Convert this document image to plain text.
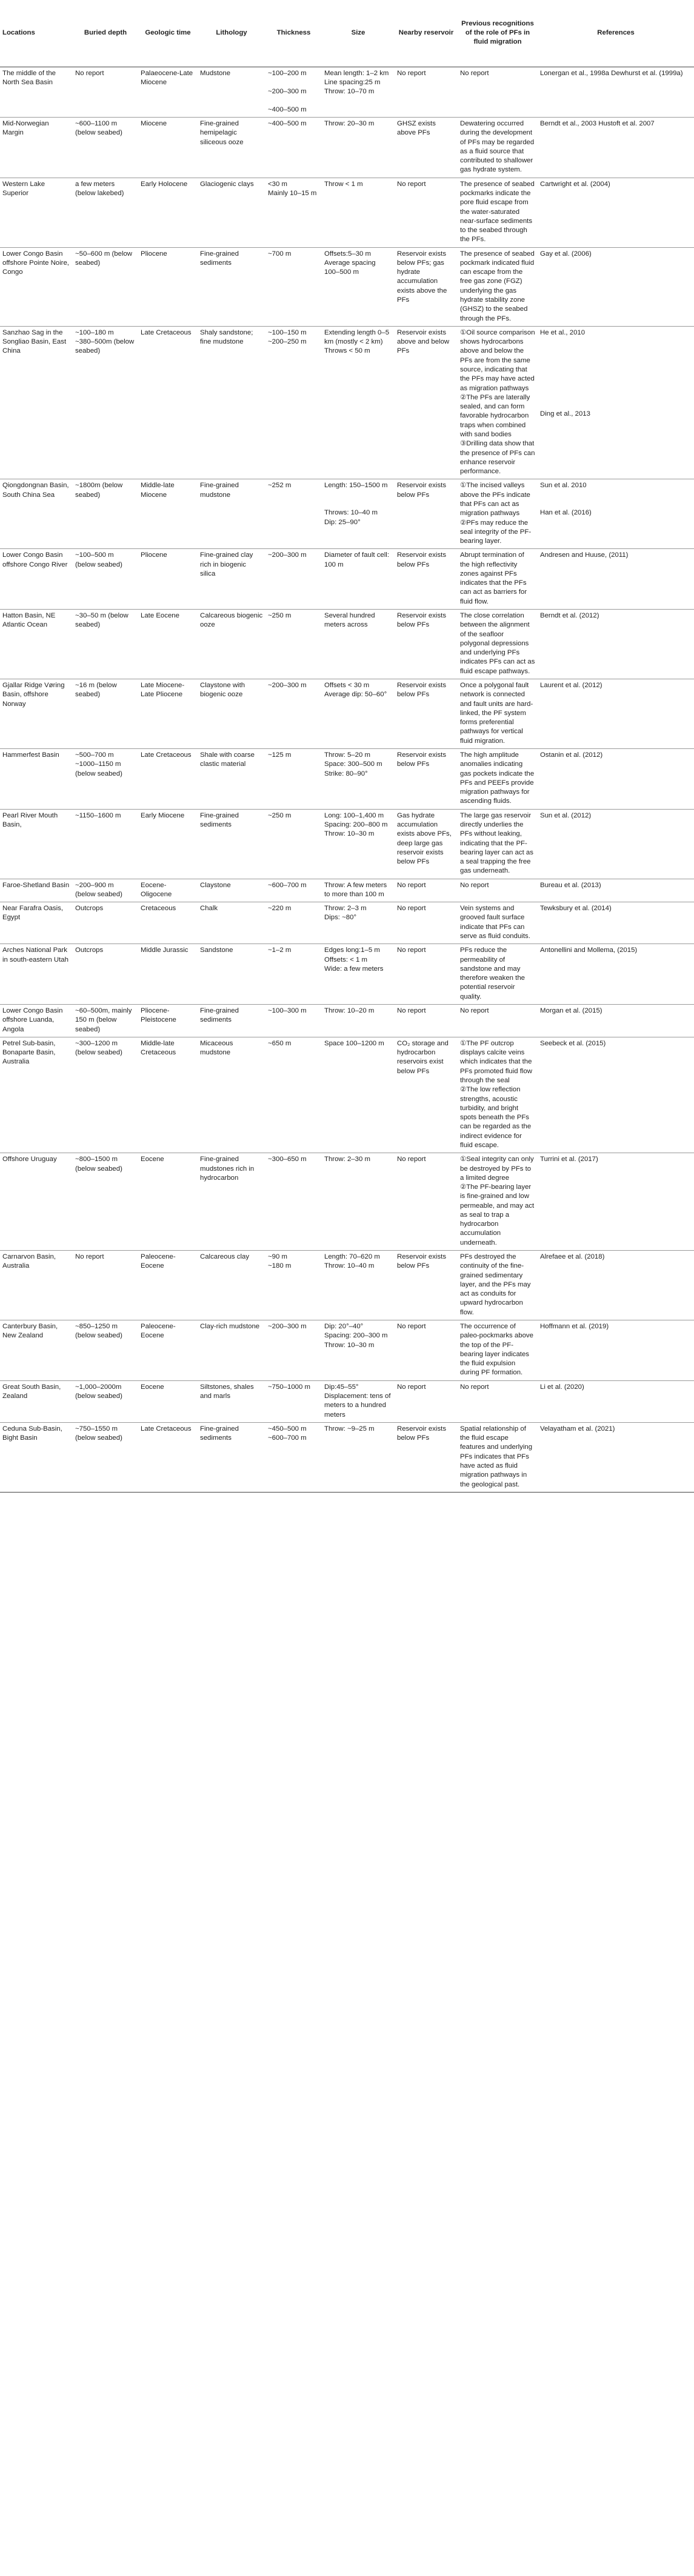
Locations	Buried depth	Geologic time	Lithology	Thickness	Size	Nearby reservoir	Previous recognitions of the role of PFs in fluid migration	References

The middle of the North Sea Basin	No report	Palaeocene-Late Miocene	Mudstone	~100–200 m
~200–300 m
~400–500 m	Mean length: 1–2 km
Line spacing:25 m
Throw: 10–70 m	No report	No report	Lonergan et al., 1998a Dewhurst et al. (1999a)

Mid-Norwegian Margin	~600–1100 m (below seabed)	Miocene	Fine-grained hemipelagic siliceous ooze	~400–500 m	Throw: 20–30 m	GHSZ exists above PFs	Dewatering occurred during the development of PFs may be regarded as a fluid source that contributed to shallower gas hydrate system.	Berndt et al., 2003 Hustoft et al. 2007

Western Lake Superior	a few meters (below lakebed)	Early Holocene	Glaciogenic clays	<30 m
Mainly 10–15 m	Throw < 1 m	No report	The presence of seabed pockmarks indicate the pore fluid escape from the water-saturated near-surface sediments to the seabed through the PFs.	Cartwright et al. (2004)

Lower Congo Basin offshore Pointe Noire, Congo	~50–600 m (below seabed)	Pliocene	Fine-grained sediments	~700 m	Offsets:5–30 m
Average spacing 100–500 m	Reservoir exists below PFs; gas hydrate accumulation exists above the PFs	The presence of seabed pockmark indicated fluid can escape from the free gas zone (FGZ) underlying the gas hydrate stability zone (GHSZ) to the seabed through the PFs.	Gay et al. (2006)

Sanzhao Sag in the Songliao Basin, East China	~100–180 m
~380–500m (below seabed)	Late Cretaceous	Shaly sandstone; fine mudstone	~100–150 m
~200–250 m	Extending length 0–5 km (mostly < 2 km)
Throws < 50 m	Reservoir exists above and below PFs	①Oil source comparison shows hydrocarbons above and below the PFs are from the same source, indicating that the PFs may have acted as migration pathways
②The PFs are laterally sealed, and can form favorable hydrocarbon traps when combined with sand bodies
③Drilling data show that the presence of PFs can enhance reservoir performance.	He et al., 2010
Ding et al., 2013

Qiongdongnan Basin, South China Sea	~1800m (below seabed)	Middle-late Miocene	Fine-grained mudstone	~252 m	Length: 150–1500 m
Throws: 10–40 m
Dip: 25–90°	Reservoir exists below PFs	①The incised valleys above the PFs indicate that PFs can act as migration pathways
②PFs may reduce the seal integrity of the PF-bearing layer.	Sun et al. 2010
Han et al. (2016)

Lower Congo Basin offshore Congo River	~100–500 m (below seabed)	Pliocene	Fine-grained clay rich in biogenic silica	~200–300 m	Diameter of fault cell: 100 m	Reservoir exists below PFs	Abrupt termination of the high reflectivity zones against PFs indicates that the PFs can act as barriers for fluid flow.	Andresen and Huuse, (2011)

Hatton Basin, NE Atlantic Ocean	~30–50 m (below seabed)	Late Eocene	Calcareous biogenic ooze	~250 m	Several hundred meters across	Reservoir exists below PFs	The close correlation between the alignment of the seafloor polygonal depressions and underlying PFs indicates PFs can act as fluid escape pathways.	Berndt et al. (2012)

Gjallar Ridge Vøring Basin, offshore Norway	~16 m (below seabed)	Late Miocene-Late Pliocene	Claystone with biogenic ooze	~200–300 m	Offsets < 30 m
Average dip: 50–60°	Reservoir exists below PFs	Once a polygonal fault network is connected and fault units are hard-linked, the PF system forms preferential pathways for vertical fluid migration.	Laurent et al. (2012)

Hammerfest Basin	~500–700 m
~1000–1150 m (below seabed)	Late Cretaceous	Shale with coarse clastic material	~125 m	Throw: 5–20 m
Space: 300–500 m
Strike: 80–90°	Reservoir exists below PFs	The high amplitude anomalies indicating gas pockets indicate the PFs and PEEFs provide migration pathways for ascending fluids.	Ostanin et al. (2012)

Pearl River Mouth Basin,	~1150–1600 m	Early Miocene	Fine-grained sediments	~250 m	Long: 100–1,400 m
Spacing: 200–800 m
Throw: 10–30 m	Gas hydrate accumulation exists above PFs, deep large gas reservoir exists below PFs	The large gas reservoir directly underlies the PFs without leaking, indicating that the PF-bearing layer can act as a seal trapping the free gas underneath.	Sun et al. (2012)

Faroe-Shetland Basin	~200–900 m (below seabed)	Eocene-Oligocene	Claystone	~600–700 m	Throw: A few meters to more than 100 m	No report	No report	Bureau et al. (2013)

Near Farafra Oasis, Egypt	Outcrops	Cretaceous	Chalk	~220 m	Throw: 2–3 m
Dips: ~80°	No report	Vein systems and grooved fault surface indicate that PFs can serve as fluid conduits.	Tewksbury et al. (2014)

Arches National Park in south-eastern Utah	Outcrops	Middle Jurassic	Sandstone	~1–2 m	Edges long:1–5 m
Offsets: < 1 m
Wide: a few meters	No report	PFs reduce the permeability of sandstone and may therefore weaken the potential reservoir quality.	Antonellini and Mollema, (2015)

Lower Congo Basin offshore Luanda, Angola	~60–500m, mainly 150 m (below seabed)	Pliocene-Pleistocene	Fine-grained sediments	~100–300 m	Throw: 10–20 m	No report	No report	Morgan et al. (2015)

Petrel Sub-basin, Bonaparte Basin, Australia	~300–1200 m (below seabed)	Middle-late Cretaceous	Micaceous mudstone	~650 m	Space 100–1200 m	CO₂ storage and hydrocarbon reservoirs exist below PFs	①The PF outcrop displays calcite veins which indicates that the PFs promoted fluid flow through the seal
②The low reflection strengths, acoustic turbidity, and bright spots beneath the PFs can be regarded as the indirect evidence for fluid escape.	Seebeck et al. (2015)

Offshore Uruguay	~800–1500 m (below seabed)	Eocene	Fine-grained mudstones rich in hydrocarbon	~300–650 m	Throw: 2–30 m	No report	①Seal integrity can only be destroyed by PFs to a limited degree
②The PF-bearing layer is fine-grained and low permeable, and may act as seal to trap a hydrocarbon accumulation underneath.	Turrini et al. (2017)

Carnarvon Basin, Australia	No report	Paleocene-Eocene	Calcareous clay	~90 m
~180 m	Length: 70–620 m
Throw: 10–40 m	Reservoir exists below PFs	PFs destroyed the continuity of the fine-grained sedimentary layer, and the PFs may act as conduits for upward hydrocarbon flow.	Alrefaee et al. (2018)

Canterbury Basin, New Zealand	~850–1250 m (below seabed)	Paleocene-Eocene	Clay-rich mudstone	~200–300 m	Dip: 20°–40°
Spacing: 200–300 m
Throw: 10–30 m	No report	The occurrence of paleo-pockmarks above the top of the PF-bearing layer indicates the fluid expulsion during PF formation.	Hoffmann et al. (2019)

Great South Basin, Zealand	~1,000–2000m (below seabed)	Eocene	Siltstones, shales and marls	~750–1000 m	Dip:45–55°
Displacement: tens of meters to a hundred meters	No report	No report	Li et al. (2020)

Ceduna Sub-Basin, Bight Basin	~750–1550 m (below seabed)	Late Cretaceous	Fine-grained sediments	~450–500 m
~600–700 m	Throw: ~9–25 m	Reservoir exists below PFs	Spatial relationship of the fluid escape features and underlying PFs indicates that PFs have acted as fluid migration pathways in the geological past.	Velayatham et al. (2021)
